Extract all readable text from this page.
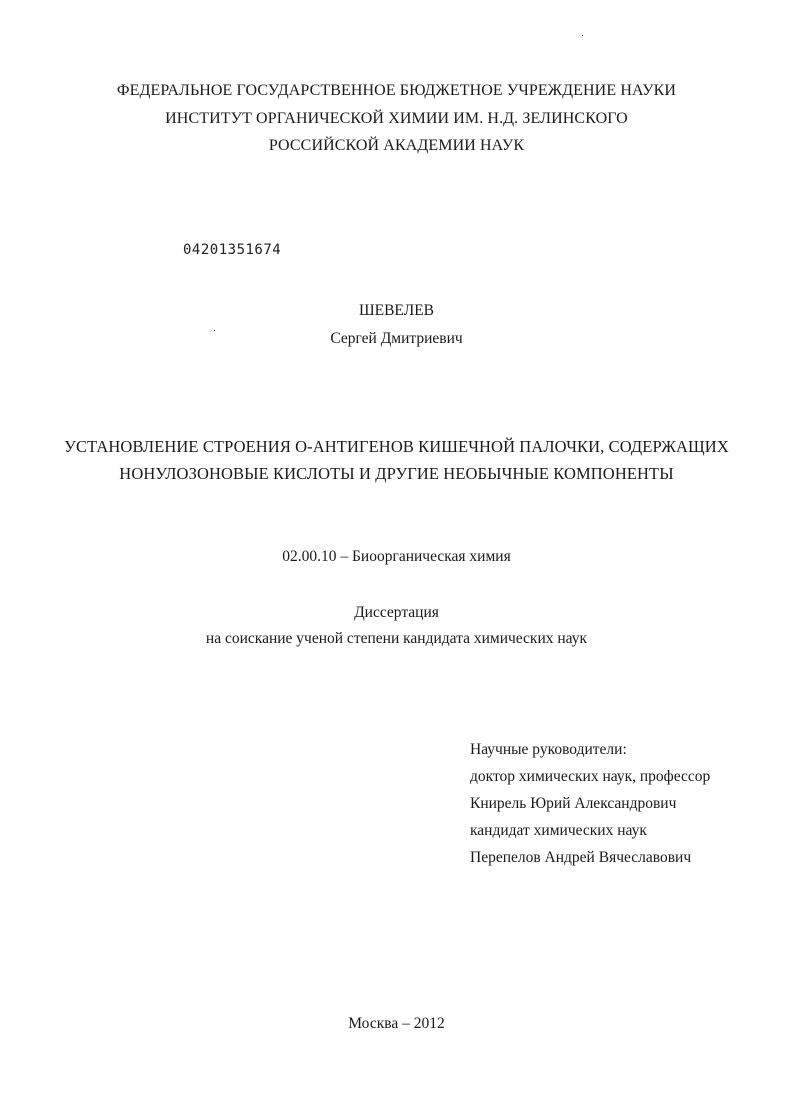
ФЕДЕРАЛЬНОЕ ГОСУДАРСТВЕННОЕ БЮДЖЕТНОЕ УЧРЕЖДЕНИЕ НАУКИ
ИНСТИТУТ ОРГАНИЧЕСКОЙ ХИМИИ ИМ. Н.Д. ЗЕЛИНСКОГО
РОССИЙСКОЙ АКАДЕМИИ НАУК
04201351674
ШЕВЕЛЕВ
Сергей Дмитриевич
УСТАНОВЛЕНИЕ СТРОЕНИЯ О-АНТИГЕНОВ КИШЕЧНОЙ ПАЛОЧКИ, СОДЕРЖАЩИХ
НОНУЛОЗОНОВЫЕ КИСЛОТЫ И ДРУГИЕ НЕОБЫЧНЫЕ КОМПОНЕНТЫ
02.00.10 – Биоорганическая химия
Диссертация
на соискание ученой степени кандидата химических наук
Научные руководители:
доктор химических наук, профессор
Книрель Юрий Александрович
кандидат химических наук
Перепелов Андрей Вячеславович
Москва – 2012
